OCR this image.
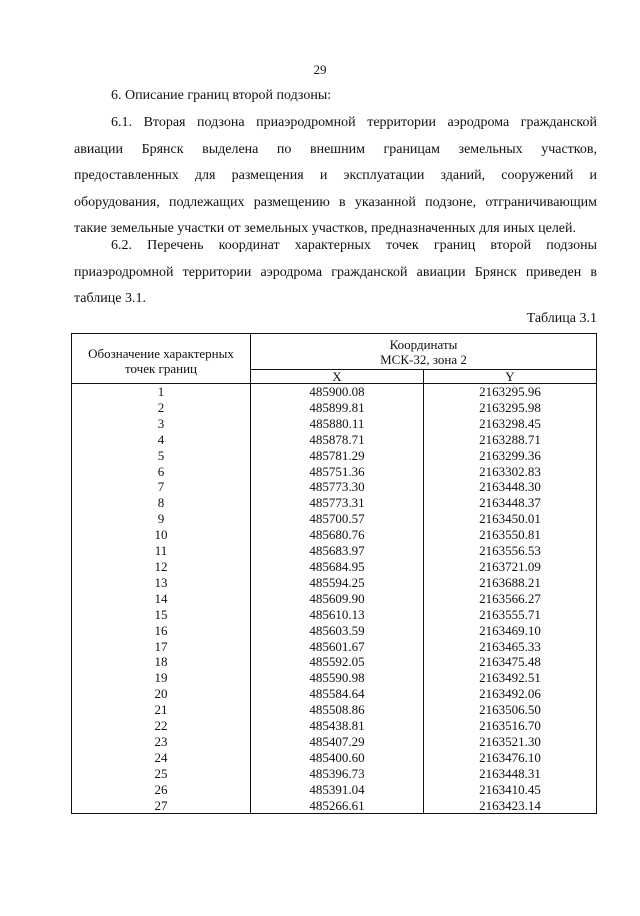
29
6. Описание границ второй подзоны:
6.1. Вторая подзона приаэродромной территории аэродрома гражданской авиации Брянск выделена по внешним границам земельных участков, предоставленных для размещения и эксплуатации зданий, сооружений и оборудования, подлежащих размещению в указанной подзоне, отграничивающим такие земельные участки от земельных участков, предназначенных для иных целей.
6.2. Перечень координат характерных точек границ второй подзоны приаэродромной территории аэродрома гражданской авиации Брянск приведен в таблице 3.1.
Таблица 3.1
Обозначение характерных точек границ	Координаты
МСК-32, зона 2	
	X	Y
1	485900.08	2163295.96
2	485899.81	2163295.98
3	485880.11	2163298.45
4	485878.71	2163288.71
5	485781.29	2163299.36
6	485751.36	2163302.83
7	485773.30	2163448.30
8	485773.31	2163448.37
9	485700.57	2163450.01
10	485680.76	2163550.81
11	485683.97	2163556.53
12	485684.95	2163721.09
13	485594.25	2163688.21
14	485609.90	2163566.27
15	485610.13	2163555.71
16	485603.59	2163469.10
17	485601.67	2163465.33
18	485592.05	2163475.48
19	485590.98	2163492.51
20	485584.64	2163492.06
21	485508.86	2163506.50
22	485438.81	2163516.70
23	485407.29	2163521.30
24	485400.60	2163476.10
25	485396.73	2163448.31
26	485391.04	2163410.45
27	485266.61	2163423.14
